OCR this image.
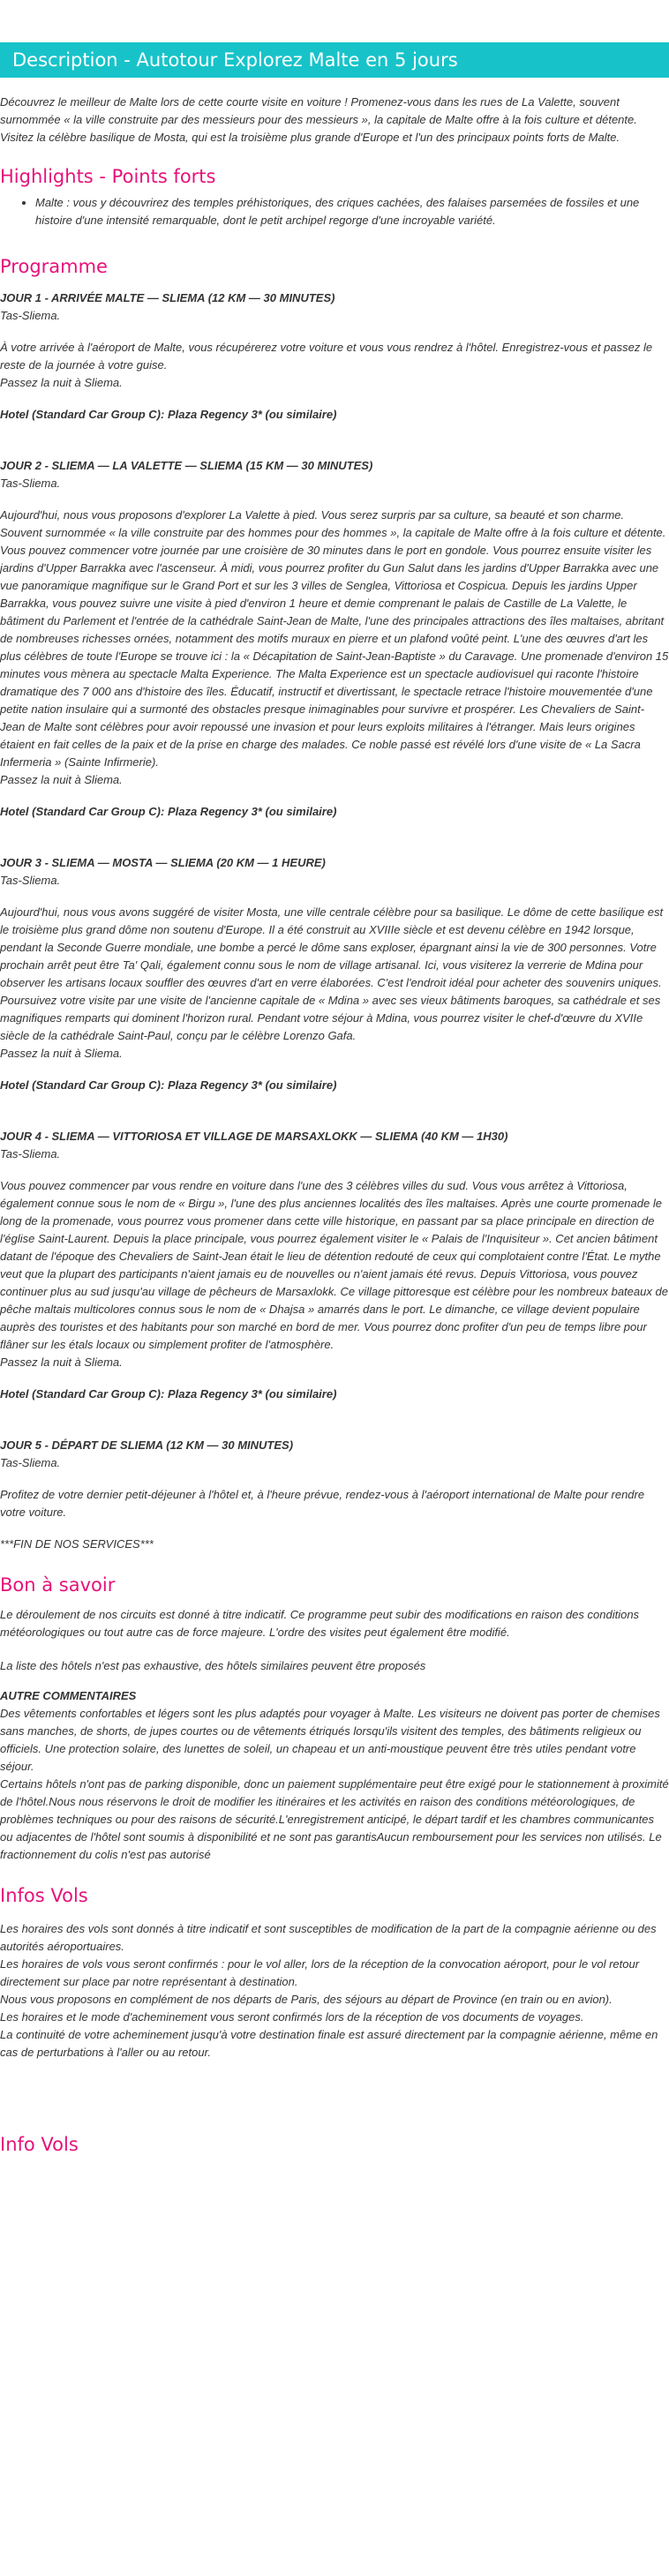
Description - Autotour Explorez Malte en 5 jours

Découvrez le meilleur de Malte lors de cette courte visite en voiture ! Promenez-vous dans les rues de La Valette, souvent surnommée « la ville construite par des messieurs pour des messieurs », la capitale de Malte offre à la fois culture et détente. Visitez la célèbre basilique de Mosta, qui est la troisième plus grande d'Europe et l'un des principaux points forts de Malte.

Highlights - Points forts
• Malte : vous y découvrirez des temples préhistoriques, des criques cachées, des falaises parsemées de fossiles et une histoire d'une intensité remarquable, dont le petit archipel regorge d'une incroyable variété.
Programme

JOUR 1 - ARRIVÉE MALTE — SLIEMA (12 KM — 30 MINUTES)

Tas-Sliema.

À votre arrivée à l'aéroport de Malte, vous récupérerez votre voiture et vous vous rendrez à l'hôtel. Enregistrez-vous et passez le reste de la journée à votre guise.

Passez la nuit à Sliema.

Hotel (Standard Car Group C): Plaza Regency 3* (ou similaire)

JOUR 2 - SLIEMA — LA VALETTE — SLIEMA (15 KM — 30 MINUTES)

Tas-Sliema.

Aujourd'hui, nous vous proposons d'explorer La Valette à pied. Vous serez surpris par sa culture, sa beauté et son charme. Souvent surnommée « la ville construite par des hommes pour des hommes », la capitale de Malte offre à la fois culture et détente. Vous pouvez commencer votre journée par une croisière de 30 minutes dans le port en gondole. Vous pourrez ensuite visiter les jardins d'Upper Barrakka avec l'ascenseur. À midi, vous pourrez profiter du Gun Salut dans les jardins d'Upper Barrakka avec une vue panoramique magnifique sur le Grand Port et sur les 3 villes de Senglea, Vittoriosa et Cospicua. Depuis les jardins Upper Barrakka, vous pouvez suivre une visite à pied d'environ 1 heure et demie comprenant le palais de Castille de La Valette, le bâtiment du Parlement et l'entrée de la cathédrale Saint-Jean de Malte, l'une des principales attractions des îles maltaises, abritant de nombreuses richesses ornées, notamment des motifs muraux en pierre et un plafond voûté peint. L'une des œuvres d'art les plus célèbres de toute l'Europe se trouve ici : la « Décapitation de Saint-Jean-Baptiste » du Caravage. Une promenade d'environ 15 minutes vous mènera au spectacle Malta Experience. The Malta Experience est un spectacle audiovisuel qui raconte l'histoire dramatique des 7 000 ans d'histoire des îles. Éducatif, instructif et divertissant, le spectacle retrace l'histoire mouvementée d'une petite nation insulaire qui a surmonté des obstacles presque inimaginables pour survivre et prospérer. Les Chevaliers de Saint-Jean de Malte sont célèbres pour avoir repoussé une invasion et pour leurs exploits militaires à l'étranger. Mais leurs origines étaient en fait celles de la paix et de la prise en charge des malades. Ce noble passé est révélé lors d'une visite de « La Sacra Infermeria » (Sainte Infirmerie).

Passez la nuit à Sliema.

Hotel (Standard Car Group C): Plaza Regency 3* (ou similaire)

JOUR 3 - SLIEMA — MOSTA — SLIEMA (20 KM — 1 HEURE)

Tas-Sliema.

Aujourd'hui, nous vous avons suggéré de visiter Mosta, une ville centrale célèbre pour sa basilique. Le dôme de cette basilique est le troisième plus grand dôme non soutenu d'Europe. Il a été construit au XVIIIe siècle et est devenu célèbre en 1942 lorsque, pendant la Seconde Guerre mondiale, une bombe a percé le dôme sans exploser, épargnant ainsi la vie de 300 personnes. Votre prochain arrêt peut être Ta' Qali, également connu sous le nom de village artisanal. Ici, vous visiterez la verrerie de Mdina pour observer les artisans locaux souffler des œuvres d'art en verre élaborées. C'est l'endroit idéal pour acheter des souvenirs uniques. Poursuivez votre visite par une visite de l'ancienne capitale de « Mdina » avec ses vieux bâtiments baroques, sa cathédrale et ses magnifiques remparts qui dominent l'horizon rural. Pendant votre séjour à Mdina, vous pourrez visiter le chef-d'œuvre du XVIIe siècle de la cathédrale Saint-Paul, conçu par le célèbre Lorenzo Gafa.

Passez la nuit à Sliema.

Hotel (Standard Car Group C): Plaza Regency 3* (ou similaire)

JOUR 4 - SLIEMA — VITTORIOSA ET VILLAGE DE MARSAXLOKK — SLIEMA (40 KM — 1H30)

Tas-Sliema.

Vous pouvez commencer par vous rendre en voiture dans l'une des 3 célèbres villes du sud. Vous vous arrêtez à Vittoriosa, également connue sous le nom de « Birgu », l'une des plus anciennes localités des îles maltaises. Après une courte promenade le long de la promenade, vous pourrez vous promener dans cette ville historique, en passant par sa place principale en direction de l'église Saint-Laurent. Depuis la place principale, vous pourrez également visiter le « Palais de l'Inquisiteur ». Cet ancien bâtiment datant de l'époque des Chevaliers de Saint-Jean était le lieu de détention redouté de ceux qui complotaient contre l'État. Le mythe veut que la plupart des participants n'aient jamais eu de nouvelles ou n'aient jamais été revus. Depuis Vittoriosa, vous pouvez continuer plus au sud jusqu'au village de pêcheurs de Marsaxlokk. Ce village pittoresque est célèbre pour les nombreux bateaux de pêche maltais multicolores connus sous le nom de « Dhajsa » amarrés dans le port. Le dimanche, ce village devient populaire auprès des touristes et des habitants pour son marché en bord de mer. Vous pourrez donc profiter d'un peu de temps libre pour flâner sur les étals locaux ou simplement profiter de l'atmosphère.

Passez la nuit à Sliema.

Hotel (Standard Car Group C): Plaza Regency 3* (ou similaire)

JOUR 5 - DÉPART DE SLIEMA (12 KM — 30 MINUTES)

Tas-Sliema.

Profitez de votre dernier petit-déjeuner à l'hôtel et, à l'heure prévue, rendez-vous à l'aéroport international de Malte pour rendre votre voiture.

***FIN DE NOS SERVICES***

Bon à savoir

Le déroulement de nos circuits est donné à titre indicatif. Ce programme peut subir des modifications en raison des conditions météorologiques ou tout autre cas de force majeure. L'ordre des visites peut également être modifié.

La liste des hôtels n'est pas exhaustive, des hôtels similaires peuvent être proposés

AUTRE COMMENTAIRES

Des vêtements confortables et légers sont les plus adaptés pour voyager à Malte. Les visiteurs ne doivent pas porter de chemises sans manches, de shorts, de jupes courtes ou de vêtements étriqués lorsqu'ils visitent des temples, des bâtiments religieux ou officiels. Une protection solaire, des lunettes de soleil, un chapeau et un anti-moustique peuvent être très utiles pendant votre séjour.

Certains hôtels n'ont pas de parking disponible, donc un paiement supplémentaire peut être exigé pour le stationnement à proximité de l'hôtel.Nous nous réservons le droit de modifier les itinéraires et les activités en raison des conditions météorologiques, de problèmes techniques ou pour des raisons de sécurité.L'enregistrement anticipé, le départ tardif et les chambres communicantes ou adjacentes de l'hôtel sont soumis à disponibilité et ne sont pas garantisAucun remboursement pour les services non utilisés. Le fractionnement du colis n'est pas autorisé

Infos Vols

Les horaires des vols sont donnés à titre indicatif et sont susceptibles de modification de la part de la compagnie aérienne ou des autorités aéroportuaires.

Les horaires de vols vous seront confirmés : pour le vol aller, lors de la réception de la convocation aéroport, pour le vol retour directement sur place par notre représentant à destination.

Nous vous proposons en complément de nos départs de Paris, des séjours au départ de Province (en train ou en avion).

Les horaires et le mode d'acheminement vous seront confirmés lors de la réception de vos documents de voyages.

La continuité de votre acheminement jusqu'à votre destination finale est assuré directement par la compagnie aérienne, même en cas de perturbations à l'aller ou au retour.

Info Vols
